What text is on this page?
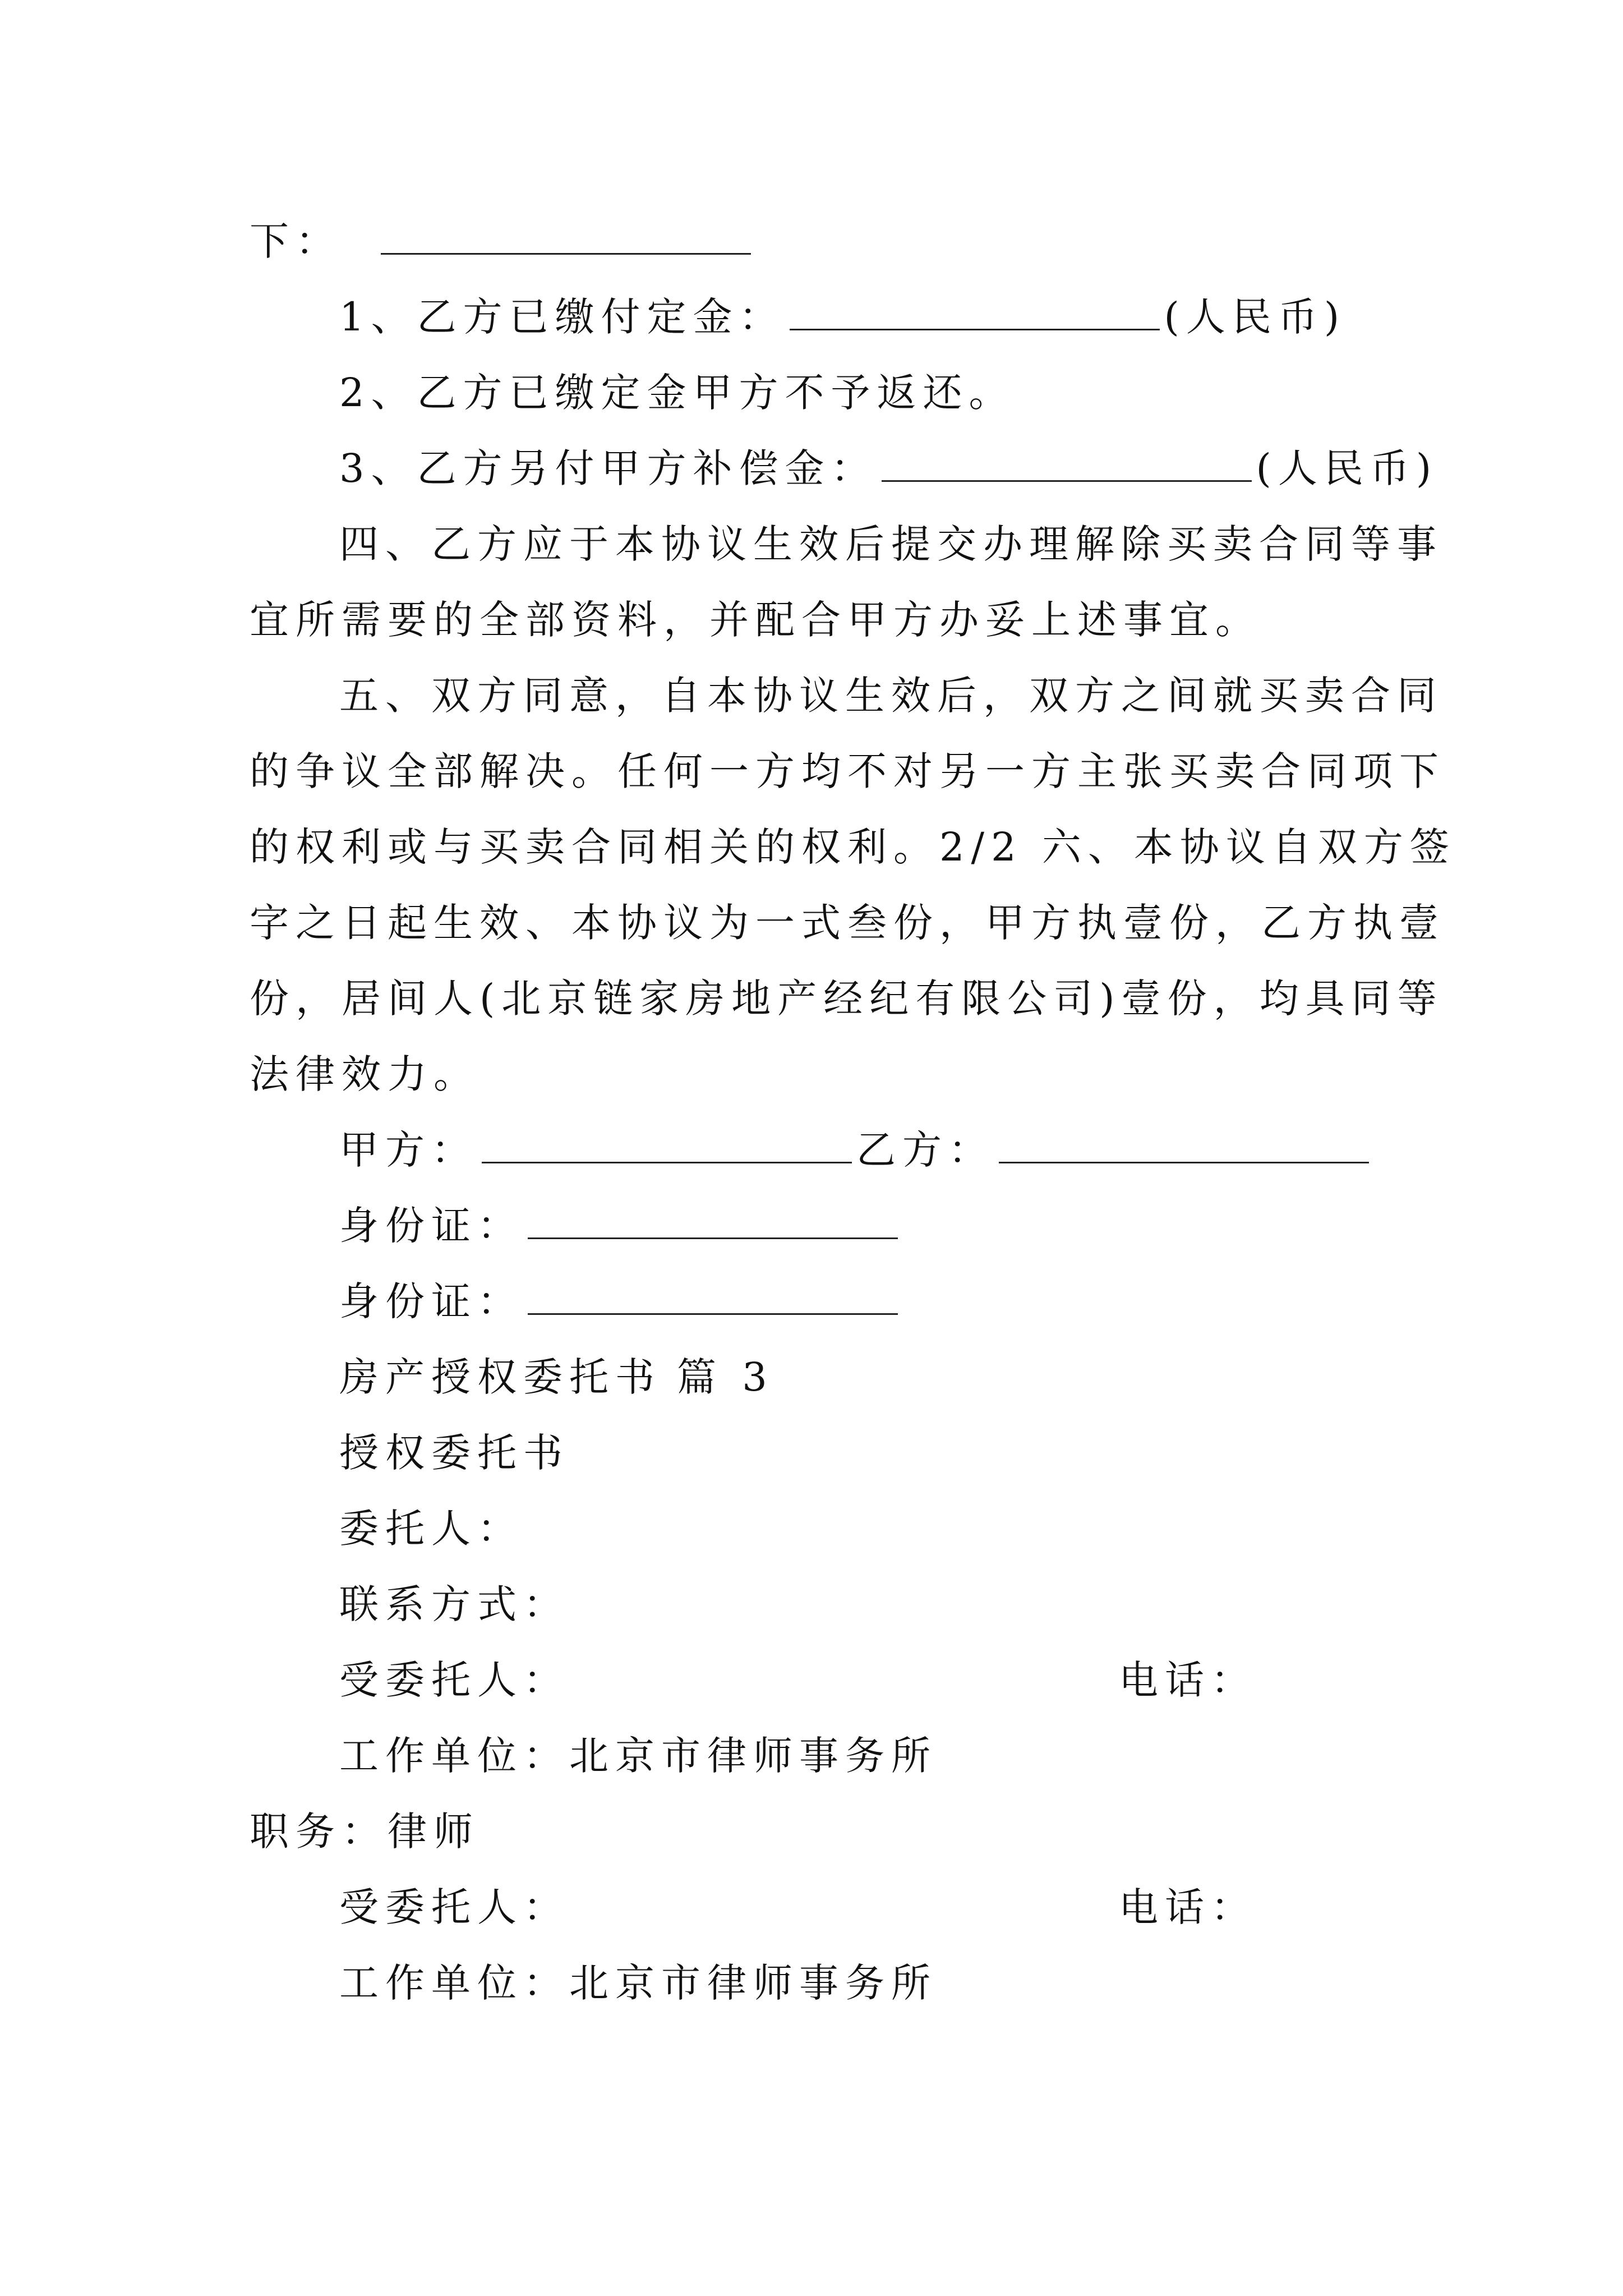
下：
1、乙方已缴付定金：	(人民币)
2、乙方已缴定金甲方不予返还。
3、乙方另付甲方补偿金：	(人民币)
四、乙方应于本协议生效后提交办理解除买卖合同等事
宜所需要的全部资料，并配合甲方办妥上述事宜。
五、双方同意，自本协议生效后，双方之间就买卖合同
的争议全部解决。任何一方均不对另一方主张买卖合同项下
的权利或与买卖合同相关的权利。2/2 六、本协议自双方签
字之日起生效、本协议为一式叁份，甲方执壹份，乙方执壹
份，居间人(北京链家房地产经纪有限公司)壹份，均具同等
法律效力。
甲方：	乙方：
身份证：
身份证：
房产授权委托书 篇 3
授权委托书
委托人：
联系方式：
受委托人：	电话：
工作单位：北京市律师事务所
职务：律师
受委托人：	电话：
工作单位：北京市律师事务所
